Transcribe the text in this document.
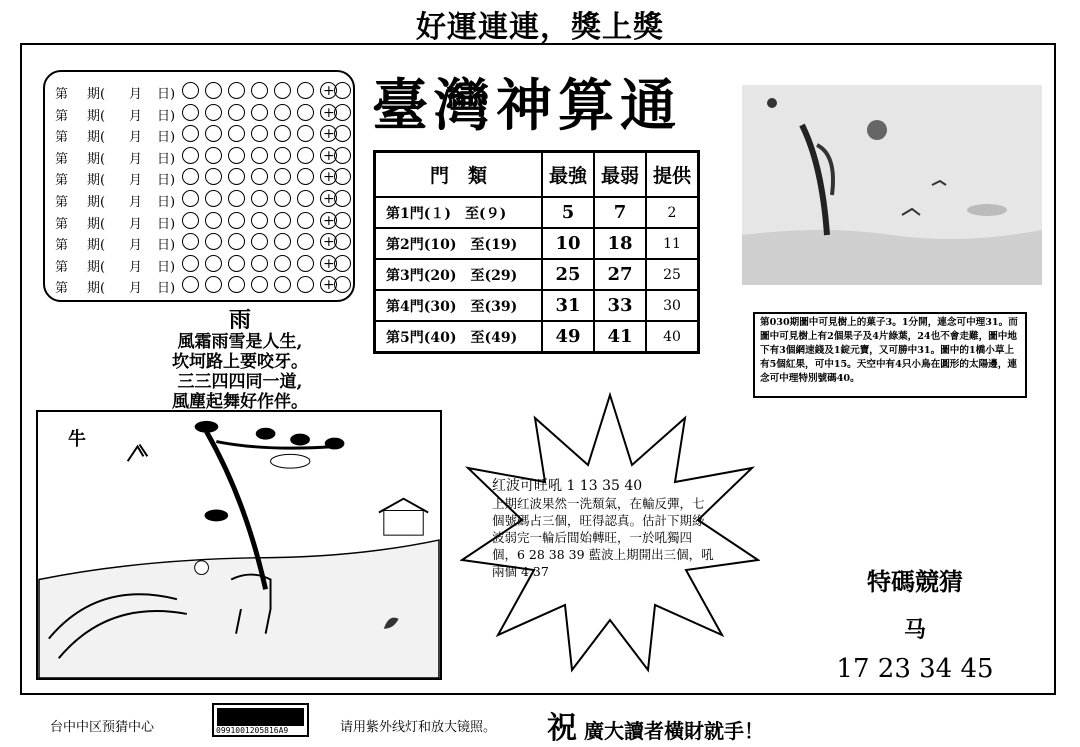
好運連連，獎上獎
第 期( 月 日)	+
第 期( 月 日)	+
第 期( 月 日)	+
第 期( 月 日)	+
第 期( 月 日)	+
第 期( 月 日)	+
第 期( 月 日)	+
第 期( 月 日)	+
第 期( 月 日)	+
第 期( 月 日)	+
臺灣神算通
門　類	最強	最弱	提供
第1門(１)　至(９)	5	7	2
第2門(10)　至(19)	10	18	11
第3門(20)　至(29)	25	27	25
第4門(30)　至(39)	31	33	30
第5門(40)　至(49)	49	41	40
雨
風霜雨雪是人生,
坎坷路上要咬牙。
三三四四同一道,
風塵起舞好作伴。
第030期圖中可見樹上的菓子3。1分開，連念可中理31。而圖中可見樹上有2個果子及4片綠葉，24也不會走難，圖中地下有3個網速錢及1錠元寶，又可勝中31。圖中的1橋小草上有5個紅果，可中15。天空中有4只小鳥在圓形的太陽邊，連念可中理特別號碼40。
牛
红波可旺吼 1 13 35 40
上期红波果然一洗頹氣，在輸反彈，七個號碼占三個，旺得認真。估計下期綠波弱完一輪后間始轉旺，一於吼獨四個，6 28 38 39 藍波上期開出三個，吼兩個 4 37	特碼競猜
马
17 23 34 45
台中中区预猜中心	0991001205816A9	请用紫外线灯和放大镜照。 祝 廣大讀者橫財就手！
